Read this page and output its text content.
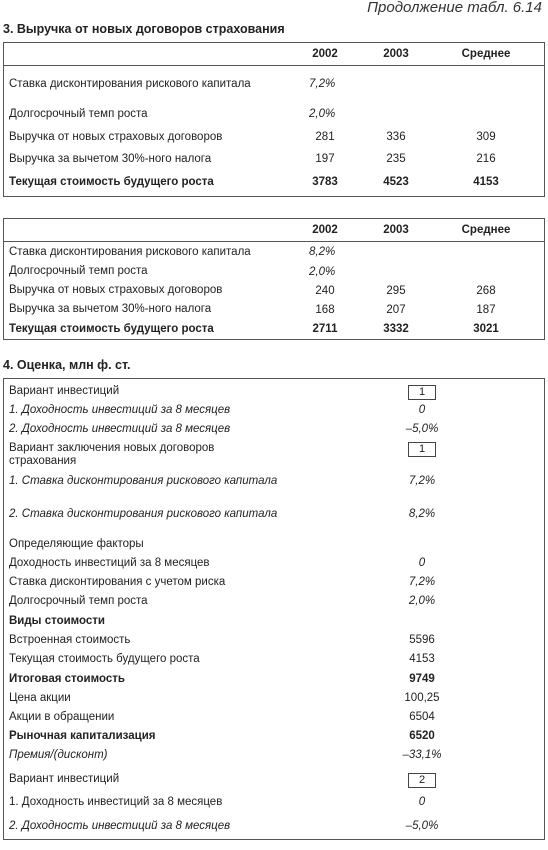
Продолжение табл. 6.14
3. Выручка от новых договоров страхования
2002	2003	Среднее
Ставка дисконтирования рискового капитала	7,2%
Долгосрочный темп роста	2,0%
Выручка от новых страховых договоров	281	336	309
Выручка за вычетом 30%-ного налога	197	235	216
Текущая стоимость будущего роста	3783	4523	4153
2002	2003	Среднее
Ставка дисконтирования рискового капитала	8,2%
Долгосрочный темп роста	2,0%
Выручка от новых страховых договоров	240	295	268
Выручка за вычетом 30%-ного налога	168	207	187
Текущая стоимость будущего роста	2711	3332	3021
4. Оценка, млн ф. ст.
Вариант инвестиций	1
1. Доходность инвестиций за 8 месяцев	0
2. Доходность инвестиций за 8 месяцев	–5,0%
Вариант заключения новых договоров страхования
1
1. Ставка дисконтирования рискового капитала	7,2%
2. Ставка дисконтирования рискового капитала	8,2%
Определяющие факторы
Доходность инвестиций за 8 месяцев	0
Ставка дисконтирования с учетом риска	7,2%
Долгосрочный темп роста	2,0%
Виды стоимости
Встроенная стоимость	5596
Текущая стоимость будущего роста	4153
Итоговая стоимость	9749
Цена акции	100,25
Акции в обращении	6504
Рыночная капитализация	6520
Премия/(дисконт)	–33,1%
Вариант инвестиций	2
1. Доходность инвестиций за 8 месяцев	0
2. Доходность инвестиций за 8 месяцев	–5,0%
